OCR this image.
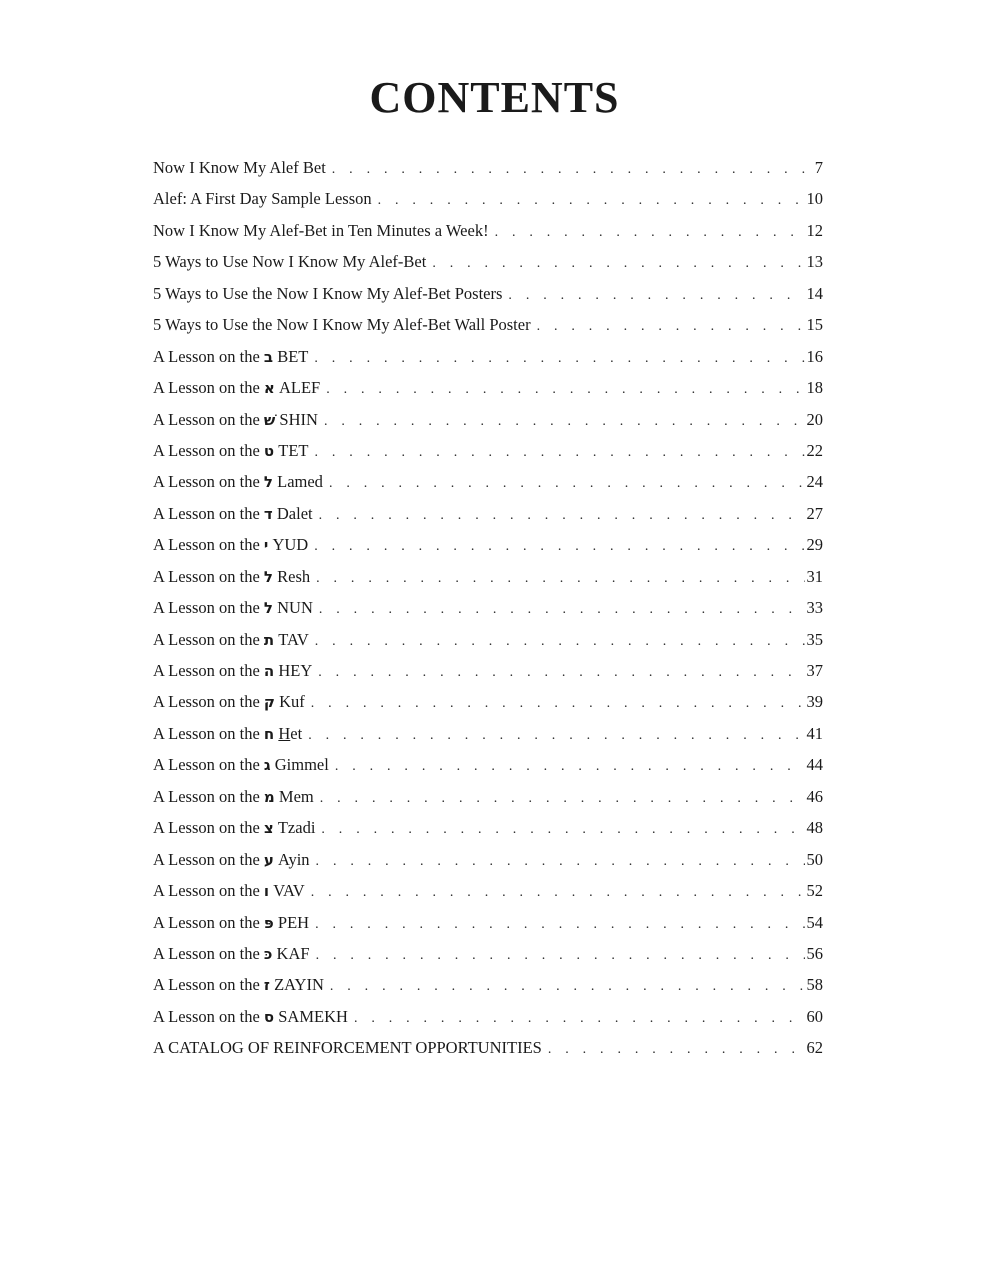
CONTENTS
Now I Know My Alef Bet . . .	7
Alef: A First Day Sample Lesson . . .	10
Now I Know My Alef-Bet in Ten Minutes a Week! . . .	12
5 Ways to Use Now I Know My Alef-Bet . . .	13
5 Ways to Use the Now I Know My Alef-Bet Posters . . .	14
5 Ways to Use the Now I Know My Alef-Bet Wall Poster . . .	15
A Lesson on the ב BET . . .	16
A Lesson on the א ALEF . . .	18
A Lesson on the שׁ SHIN . . .	20
A Lesson on the ט TET . . .	22
A Lesson on the ל Lamed . . .	24
A Lesson on the ד Dalet . . .	27
A Lesson on the י YUD . . .	29
A Lesson on the ל Resh . . .	31
A Lesson on the ל NUN . . .	33
A Lesson on the ת TAV . . .	35
A Lesson on the ה HEY . . .	37
A Lesson on the ק Kuf . . .	39
A Lesson on the ח Het . . .	41
A Lesson on the ג Gimmel . . .	44
A Lesson on the מ Mem . . .	46
A Lesson on the צ Tzadi . . .	48
A Lesson on the ע Ayin . . .	50
A Lesson on the ו VAV . . .	52
A Lesson on the פּ PEH . . .	54
A Lesson on the כּ KAF . . .	56
A Lesson on the ז ZAYIN . . .	58
A Lesson on the ס SAMEKH . . .	60
A CATALOG OF REINFORCEMENT OPPORTUNITIES . . .	62
